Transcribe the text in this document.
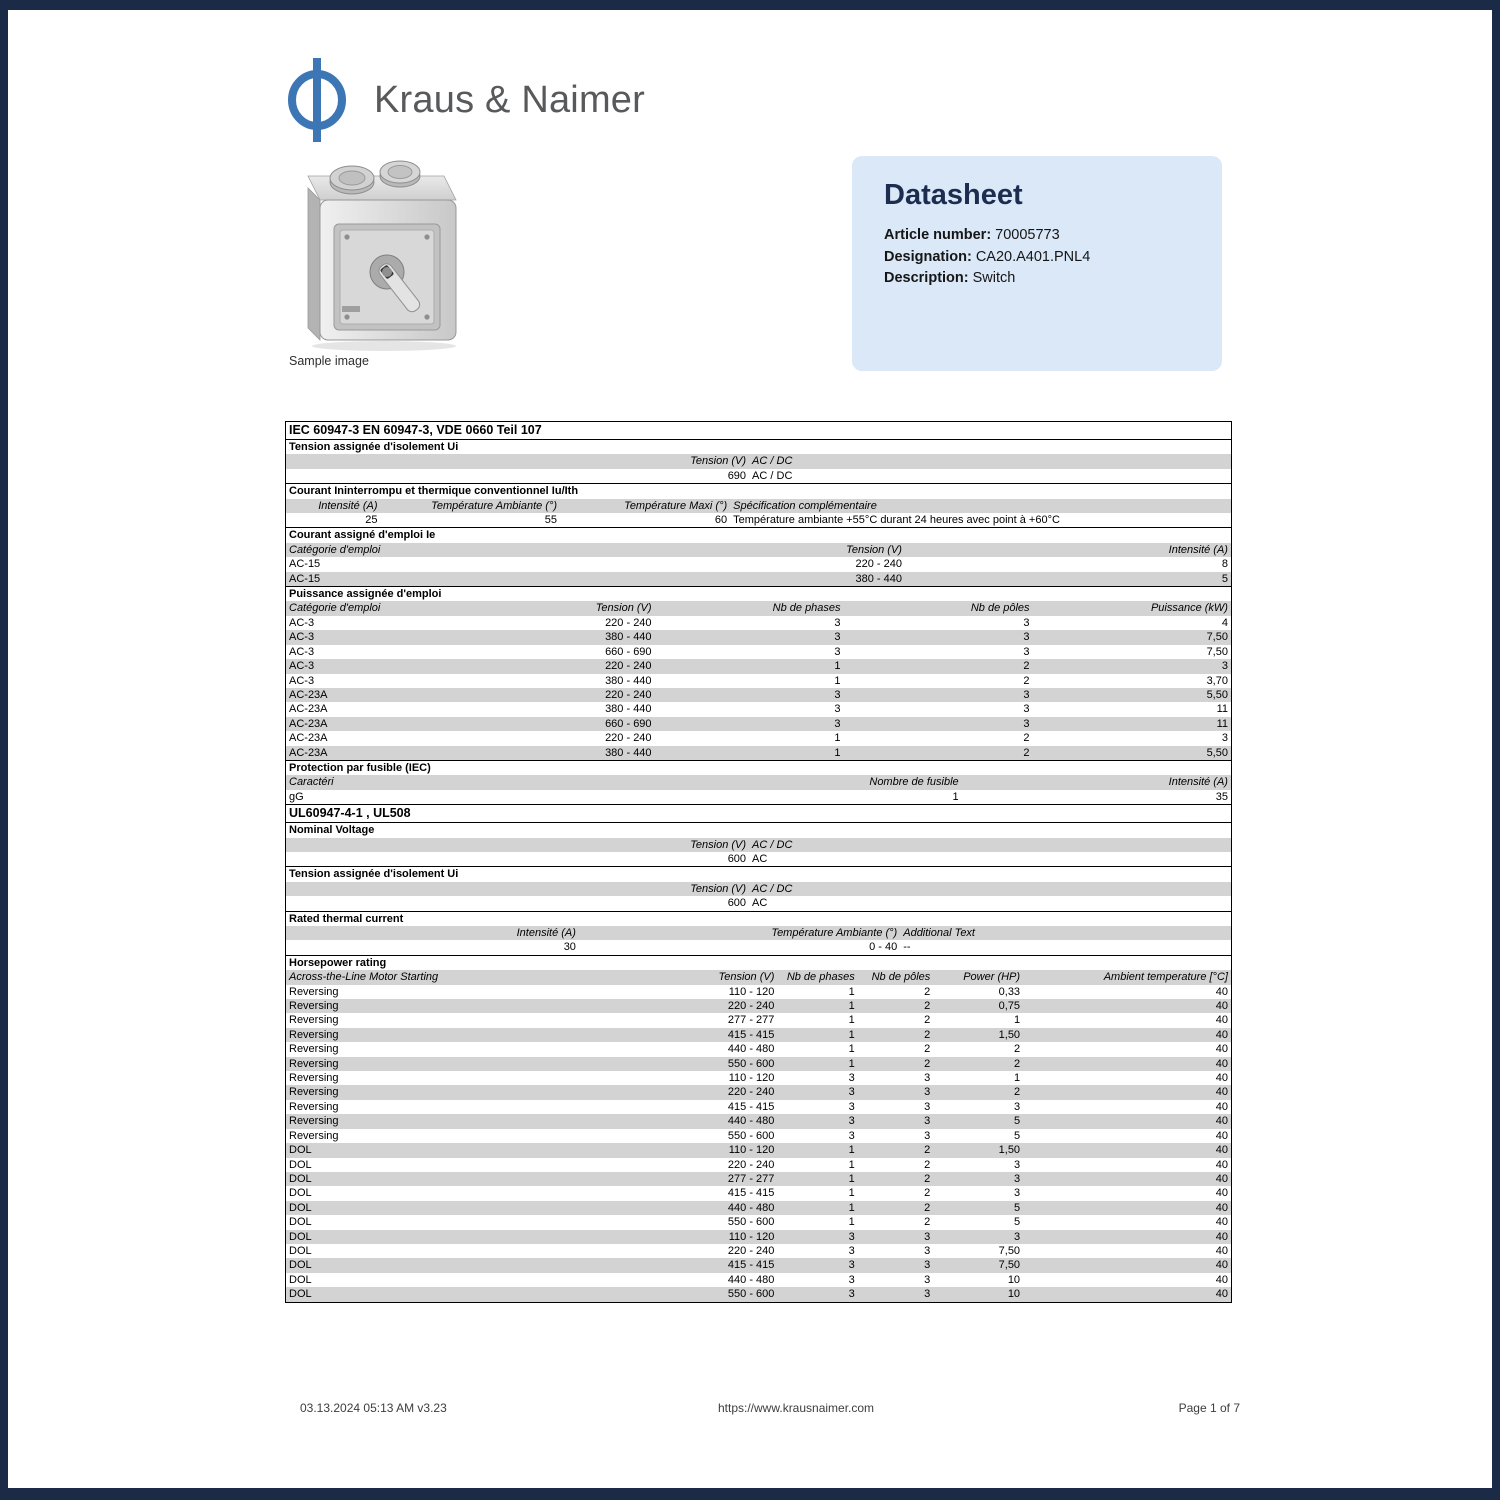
Kraus & Naimer
Sample image
Datasheet
Article number: 70005773
Designation: CA20.A401.PNL4
Description: Switch
IEC 60947-3 EN 60947-3, VDE 0660 Teil 107
Tension assignée d'isolement Ui
Tension (V) AC / DC
690 AC / DC
Courant Ininterrompu et thermique conventionnel Iu/Ith
Intensité (A)	Température Ambiante (°)	Température Maxi (°) Spécification complémentaire
25	55	60 Température ambiante +55°C durant 24 heures avec point à +60°C
Courant assigné d'emploi Ie
Catégorie d'emploi	Tension (V)	Intensité (A)
AC-15	220 - 240	8
AC-15	380 - 440	5
Puissance assignée d'emploi
Catégorie d'emploi	Tension (V)	Nb de phases	Nb de pôles	Puissance (kW)
AC-3	220 - 240	3	3	4
AC-3	380 - 440	3	3	7,50
AC-3	660 - 690	3	3	7,50
AC-3	220 - 240	1	2	3
AC-3	380 - 440	1	2	3,70
AC-23A	220 - 240	3	3	5,50
AC-23A	380 - 440	3	3	11
AC-23A	660 - 690	3	3	11
AC-23A	220 - 240	1	2	3
AC-23A	380 - 440	1	2	5,50
Protection par fusible (IEC)
Caractéri	Nombre de fusible	Intensité (A)
gG	1	35
UL60947-4-1 , UL508
Nominal Voltage
Tension (V) AC / DC
600 AC
Tension assignée d'isolement Ui
Tension (V) AC / DC
600 AC
Rated thermal current
Intensité (A)	Température Ambiante (°) Additional Text
30	0 - 40 --
Horsepower rating
Across-the-Line Motor Starting	Tension (V)	Nb de phases	Nb de pôles	Power (HP)	Ambient temperature [°C]
Reversing	110 - 120	1	2	0,33	40
Reversing	220 - 240	1	2	0,75	40
Reversing	277 - 277	1	2	1	40
Reversing	415 - 415	1	2	1,50	40
Reversing	440 - 480	1	2	2	40
Reversing	550 - 600	1	2	2	40
Reversing	110 - 120	3	3	1	40
Reversing	220 - 240	3	3	2	40
Reversing	415 - 415	3	3	3	40
Reversing	440 - 480	3	3	5	40
Reversing	550 - 600	3	3	5	40
DOL	110 - 120	1	2	1,50	40
DOL	220 - 240	1	2	3	40
DOL	277 - 277	1	2	3	40
DOL	415 - 415	1	2	3	40
DOL	440 - 480	1	2	5	40
DOL	550 - 600	1	2	5	40
DOL	110 - 120	3	3	3	40
DOL	220 - 240	3	3	7,50	40
DOL	415 - 415	3	3	7,50	40
DOL	440 - 480	3	3	10	40
DOL	550 - 600	3	3	10	40
03.13.2024 05:13 AM v3.23	https://www.krausnaimer.com	Page 1 of 7
